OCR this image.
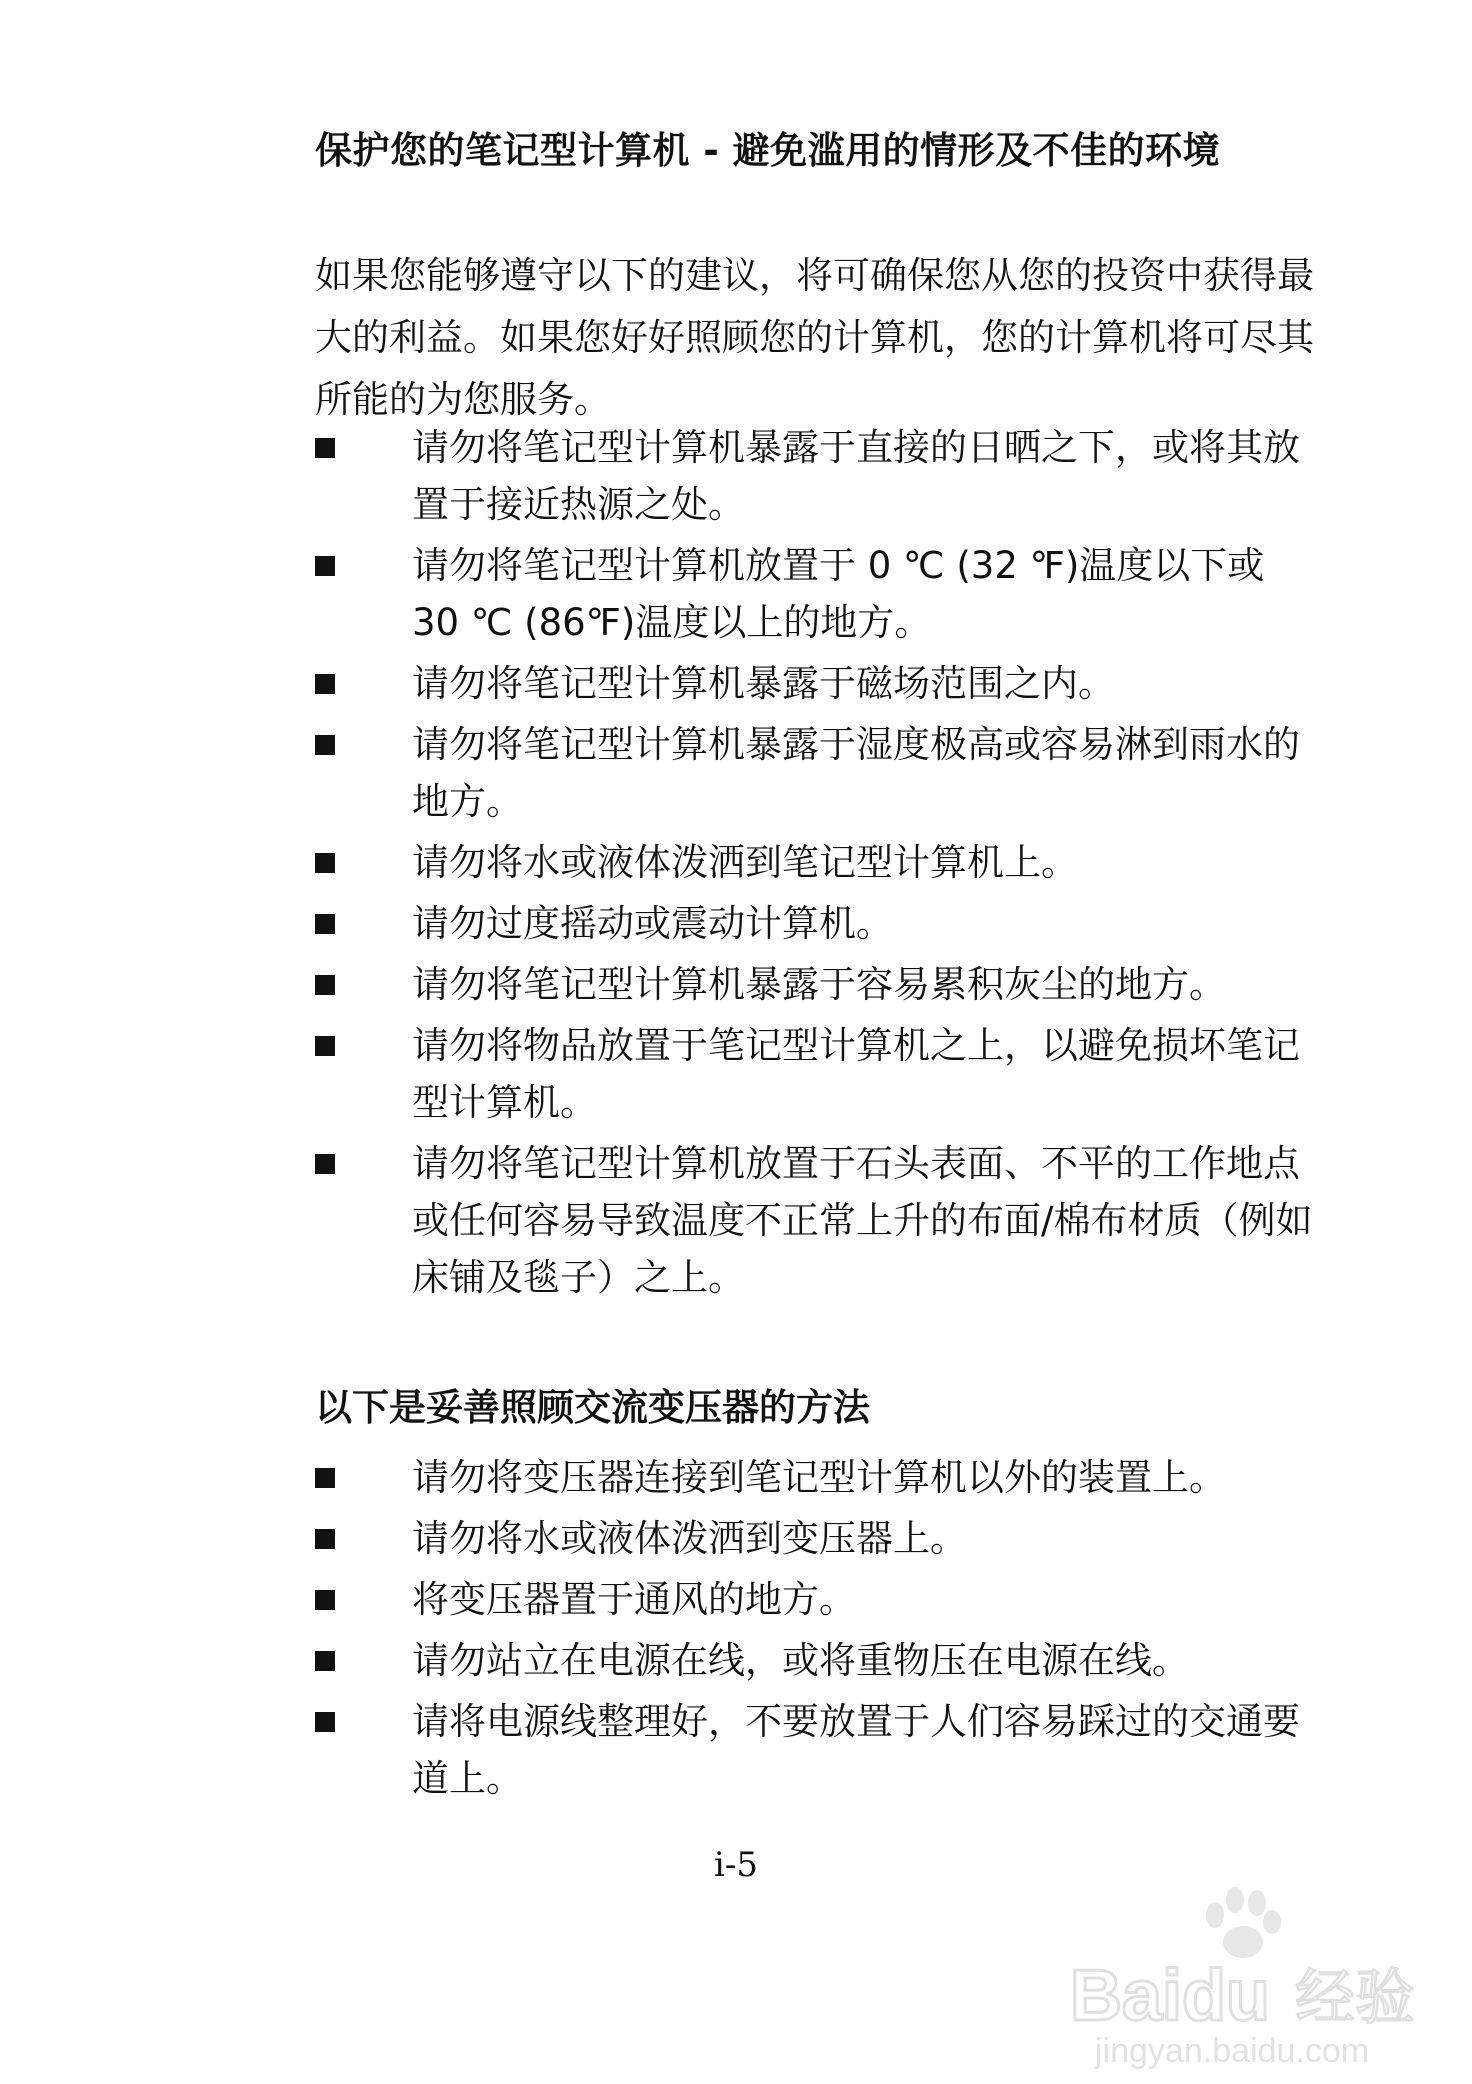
保护您的笔记型计算机 - 避免滥用的情形及不佳的环境

如果您能够遵守以下的建议，将可确保您从您的投资中获得最大的利益。如果您好好照顾您的计算机，您的计算机将可尽其所能的为您服务。

请勿将笔记型计算机暴露于直接的日晒之下，或将其放置于接近热源之处。
请勿将笔记型计算机放置于 0 ℃ (32 ℉)温度以下或 30 ℃ (86℉)温度以上的地方。
请勿将笔记型计算机暴露于磁场范围之内。
请勿将笔记型计算机暴露于湿度极高或容易淋到雨水的地方。
请勿将水或液体泼洒到笔记型计算机上。
请勿过度摇动或震动计算机。
请勿将笔记型计算机暴露于容易累积灰尘的地方。
请勿将物品放置于笔记型计算机之上，以避免损坏笔记型计算机。
请勿将笔记型计算机放置于石头表面、不平的工作地点或任何容易导致温度不正常上升的布面/棉布材质（例如床铺及毯子）之上。
以下是妥善照顾交流变压器的方法
请勿将变压器连接到笔记型计算机以外的装置上。
请勿将水或液体泼洒到变压器上。
将变压器置于通风的地方。
请勿站立在电源在线，或将重物压在电源在线。
请将电源线整理好，不要放置于人们容易踩过的交通要道上。
i-5
Baidu 经验
jingyan.baidu.com
